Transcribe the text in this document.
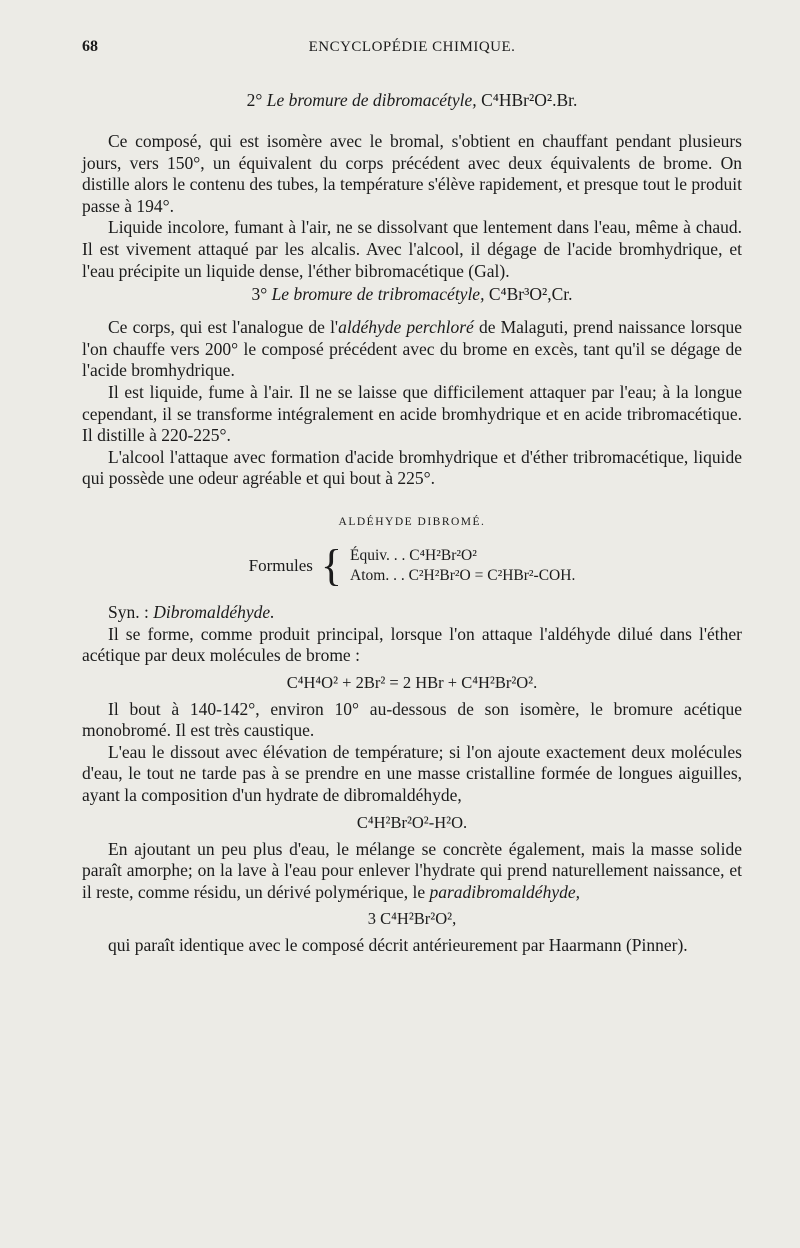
68	ENCYCLOPÉDIE CHIMIQUE.
2° Le bromure de dibromacétyle, C⁴HBr²O².Br.

Ce composé, qui est isomère avec le bromal, s'obtient en chauffant pendant plusieurs jours, vers 150°, un équivalent du corps précédent avec deux équivalents de brome. On distille alors le contenu des tubes, la température s'élève rapidement, et presque tout le produit passe à 194°.

Liquide incolore, fumant à l'air, ne se dissolvant que lentement dans l'eau, même à chaud. Il est vivement attaqué par les alcalis. Avec l'alcool, il dégage de l'acide bromhydrique, et l'eau précipite un liquide dense, l'éther bibromacétique (Gal).

3° Le bromure de tribromacétyle, C⁴Br³O²,Cr.

Ce corps, qui est l'analogue de l'aldéhyde perchloré de Malaguti, prend naissance lorsque l'on chauffe vers 200° le composé précédent avec du brome en excès, tant qu'il se dégage de l'acide bromhydrique.

Il est liquide, fume à l'air. Il ne se laisse que difficilement attaquer par l'eau; à la longue cependant, il se transforme intégralement en acide bromhydrique et en acide tribromacétique. Il distille à 220-225°.

L'alcool l'attaque avec formation d'acide bromhydrique et d'éther tribromacétique, liquide qui possède une odeur agréable et qui bout à 225°.

ALDÉHYDE DIBROMÉ.
Formules { Équiv. . . C⁴H²Br²O²
Atom. . . C²H²Br²O = C²HBr²-COH.

Syn. : Dibromaldéhyde.

Il se forme, comme produit principal, lorsque l'on attaque l'aldéhyde dilué dans l'éther acétique par deux molécules de brome :

C⁴H⁴O² + 2Br² = 2 HBr + C⁴H²Br²O².

Il bout à 140-142°, environ 10° au-dessous de son isomère, le bromure acétique monobromé. Il est très caustique.

L'eau le dissout avec élévation de température; si l'on ajoute exactement deux molécules d'eau, le tout ne tarde pas à se prendre en une masse cristalline formée de longues aiguilles, ayant la composition d'un hydrate de dibromaldéhyde,

C⁴H²Br²O²-H²O.

En ajoutant un peu plus d'eau, le mélange se concrète également, mais la masse solide paraît amorphe; on la lave à l'eau pour enlever l'hydrate qui prend naturellement naissance, et il reste, comme résidu, un dérivé polymérique, le paradibromaldéhyde,

3 C⁴H²Br²O²,

qui paraît identique avec le composé décrit antérieurement par Haarmann (Pinner).
